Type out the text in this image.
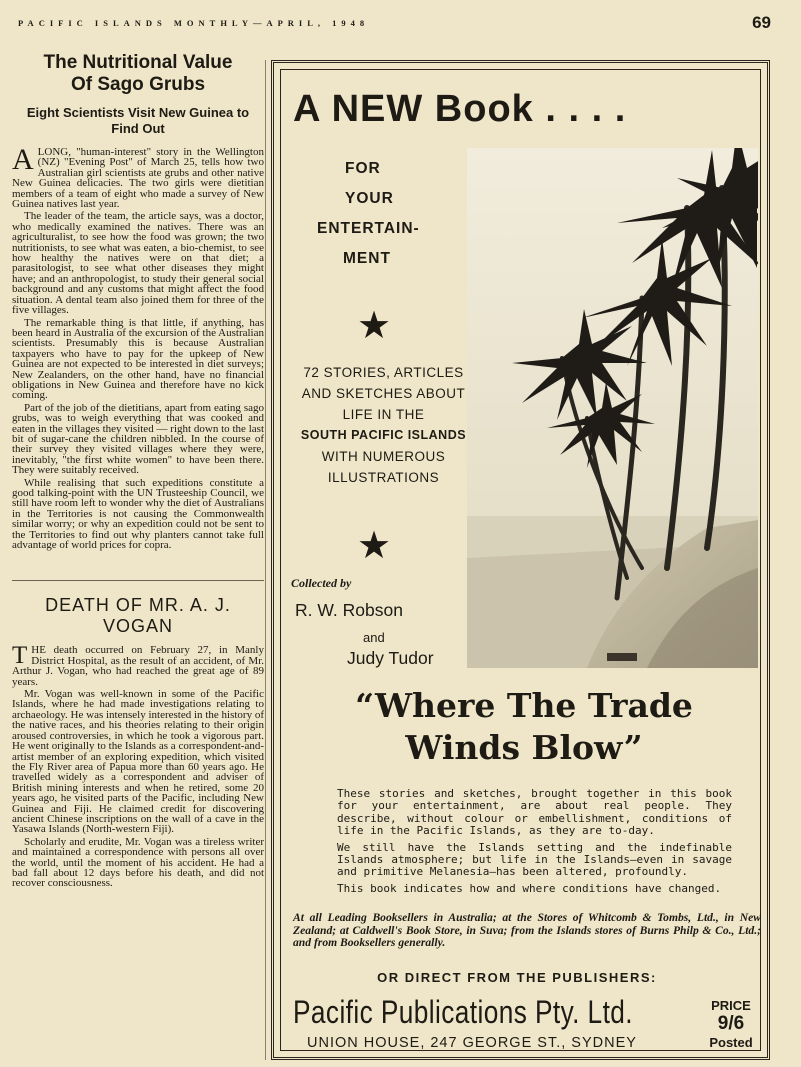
PACIFIC ISLANDS MONTHLY—APRIL, 1948	69
The Nutritional Value
Of Sago Grubs
Eight Scientists Visit New Guinea to Find Out

ALONG, "human-interest" story in the Wellington (NZ) "Evening Post" of March 25, tells how two Australian girl scientists ate grubs and other native New Guinea delicacies. The two girls were dietitian members of a team of eight who made a survey of New Guinea natives last year.

The leader of the team, the article says, was a doctor, who medically examined the natives. There was an agriculturalist, to see how the food was grown; the two nutritionists, to see what was eaten, a bio-chemist, to see how healthy the natives were on that diet; a parasitologist, to see what other diseases they might have; and an anthropologist, to study their general social background and any customs that might affect the food situation. A dental team also joined them for three of the five villages.

The remarkable thing is that little, if anything, has been heard in Australia of the excursion of the Australian scientists. Presumably this is because Australian taxpayers who have to pay for the upkeep of New Guinea are not expected to be interested in diet surveys; New Zealanders, on the other hand, have no financial obligations in New Guinea and therefore have no kick coming.

Part of the job of the dietitians, apart from eating sago grubs, was to weigh everything that was cooked and eaten in the villages they visited — right down to the last bit of sugar-cane the children nibbled. In the course of their survey they visited villages where they were, inevitably, "the first white women" to have been there. They were suitably received.

While realising that such expeditions constitute a good talking-point with the UN Trusteeship Council, we still have room left to wonder why the diet of Australians in the Territories is not causing the Commonwealth similar worry; or why an expedition could not be sent to the Territories to find out why planters cannot take full advantage of world prices for copra.

DEATH OF MR. A. J. VOGAN

THE death occurred on February 27, in Manly District Hospital, as the result of an accident, of Mr. Arthur J. Vogan, who had reached the great age of 89 years.

Mr. Vogan was well-known in some of the Pacific Islands, where he had made investigations relating to archaeology. He was intensely interested in the history of the native races, and his theories relating to their origin aroused controversies, in which he took a vigorous part. He went originally to the Islands as a correspondent-and-artist member of an exploring expedition, which visited the Fly River area of Papua more than 60 years ago. He travelled widely as a correspondent and adviser of British mining interests and when he retired, some 20 years ago, he visited parts of the Pacific, including New Guinea and Fiji. He claimed credit for discovering ancient Chinese inscriptions on the wall of a cave in the Yasawa Islands (North-western Fiji).

Scholarly and erudite, Mr. Vogan was a tireless writer and maintained a correspondence with persons all over the world, until the moment of his accident. He had a bad fall about 12 days before his death, and did not recover consciousness.

A NEW Book . . . .
FOR
YOUR
ENTERTAIN-
MENT
★
72 STORIES, ARTICLES AND SKETCHES ABOUT LIFE IN THE
SOUTH PACIFIC ISLANDS
WITH NUMEROUS ILLUSTRATIONS
★
Collected by
R. W. Robson
and
Judy Tudor
“Where The Trade
Winds Blow”

These stories and sketches, brought together in this book for your entertainment, are about real people. They describe, without colour or embellishment, conditions of life in the Pacific Islands, as they are to-day.

We still have the Islands setting and the indefinable Islands atmosphere; but life in the Islands—even in savage and primitive Melanesia—has been altered, profoundly.

This book indicates how and where conditions have changed.

At all Leading Booksellers in Australia; at the Stores of Whitcomb & Tombs, Ltd., in New Zealand; at Caldwell's Book Store, in Suva; from the Islands stores of Burns Philp & Co., Ltd.; and from Booksellers generally.
OR DIRECT FROM THE PUBLISHERS:
Pacific Publications Pty. Ltd.
UNION HOUSE, 247 GEORGE ST., SYDNEY
PRICE
9/6
Posted
